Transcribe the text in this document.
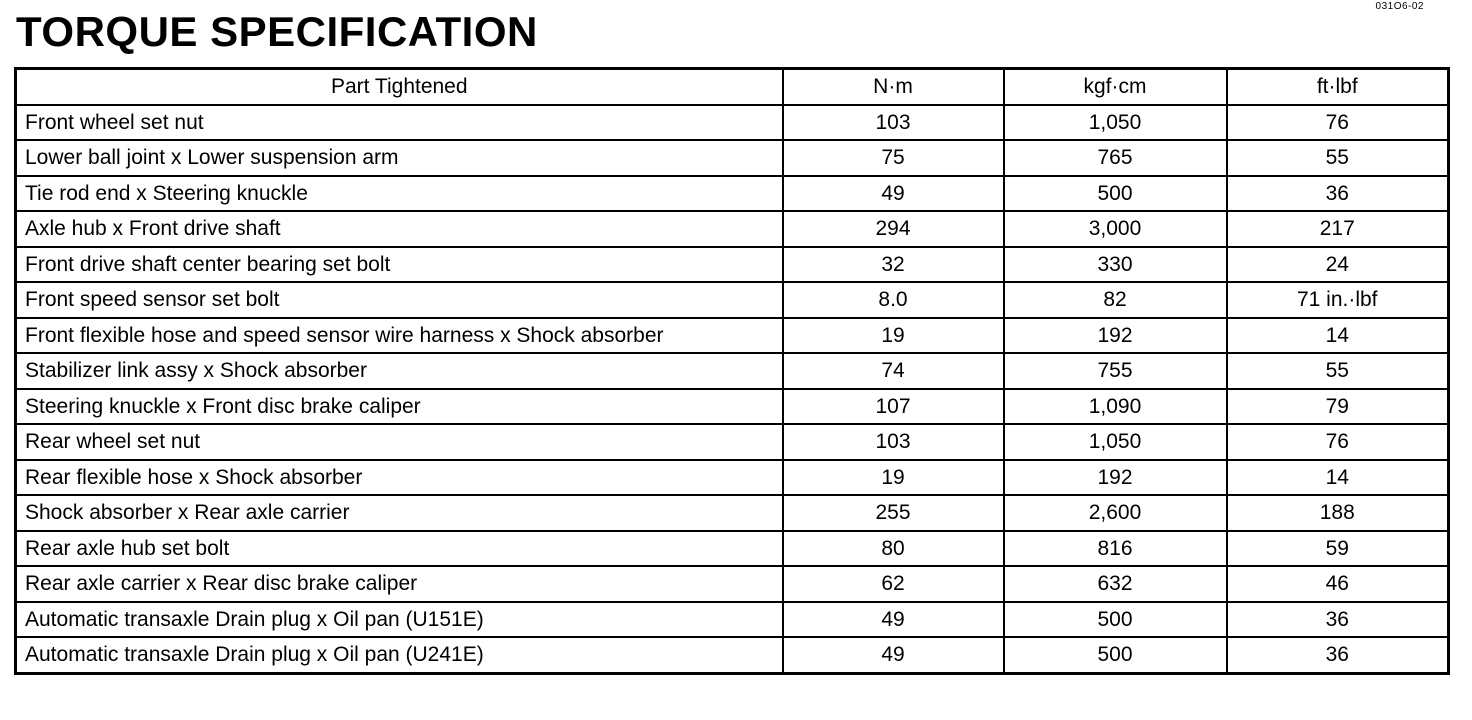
031O6-02
TORQUE SPECIFICATION
Part Tightened	N·m	kgf·cm	ft·lbf
Front wheel set nut	103	1,050	76
Lower ball joint x Lower suspension arm	75	765	55
Tie rod end x Steering knuckle	49	500	36
Axle hub x Front drive shaft	294	3,000	217
Front drive shaft center bearing set bolt	32	330	24
Front speed sensor set bolt	8.0	82	71 in.·lbf
Front flexible hose and speed sensor wire harness x Shock absorber	19	192	14
Stabilizer link assy x Shock absorber	74	755	55
Steering knuckle x Front disc brake caliper	107	1,090	79
Rear wheel set nut	103	1,050	76
Rear flexible hose x Shock absorber	19	192	14
Shock absorber x Rear axle carrier	255	2,600	188
Rear axle hub set bolt	80	816	59
Rear axle carrier x Rear disc brake caliper	62	632	46
Automatic transaxle Drain plug x Oil pan (U151E)	49	500	36
Automatic transaxle Drain plug x Oil pan (U241E)	49	500	36
